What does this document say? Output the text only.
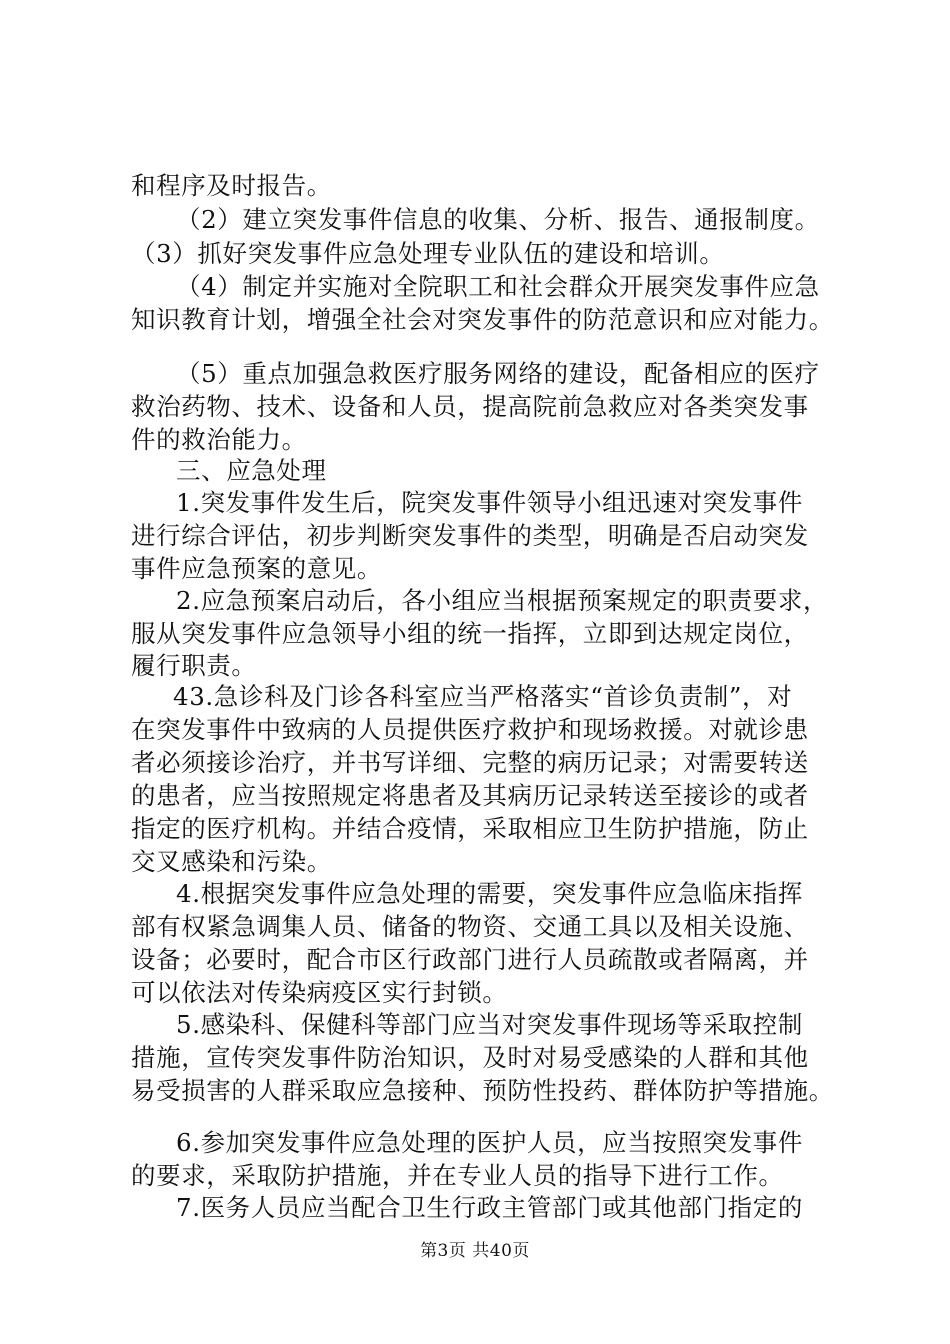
和程序及时报告。
（2）建立突发事件信息的收集、分析、报告、通报制度。
（3）抓好突发事件应急处理专业队伍的建设和培训。
（4）制定并实施对全院职工和社会群众开展突发事件应急
知识教育计划，增强全社会对突发事件的防范意识和应对能力。
（5）重点加强急救医疗服务网络的建设，配备相应的医疗
救治药物、技术、设备和人员，提高院前急救应对各类突发事
件的救治能力。
三、应急处理
1.突发事件发生后，院突发事件领导小组迅速对突发事件
进行综合评估，初步判断突发事件的类型，明确是否启动突发
事件应急预案的意见。
2.应急预案启动后，各小组应当根据预案规定的职责要求，
服从突发事件应急领导小组的统一指挥，立即到达规定岗位，
履行职责。
43.急诊科及门诊各科室应当严格落实“首诊负责制”，对
在突发事件中致病的人员提供医疗救护和现场救援。对就诊患
者必须接诊治疗，并书写详细、完整的病历记录；对需要转送
的患者，应当按照规定将患者及其病历记录转送至接诊的或者
指定的医疗机构。并结合疫情，采取相应卫生防护措施，防止
交叉感染和污染。
4.根据突发事件应急处理的需要，突发事件应急临床指挥
部有权紧急调集人员、储备的物资、交通工具以及相关设施、
设备；必要时，配合市区行政部门进行人员疏散或者隔离，并
可以依法对传染病疫区实行封锁。
5.感染科、保健科等部门应当对突发事件现场等采取控制
措施，宣传突发事件防治知识，及时对易受感染的人群和其他
易受损害的人群采取应急接种、预防性投药、群体防护等措施。
6.参加突发事件应急处理的医护人员，应当按照突发事件
的要求，采取防护措施，并在专业人员的指导下进行工作。
7.医务人员应当配合卫生行政主管部门或其他部门指定的
第3页 共40页
